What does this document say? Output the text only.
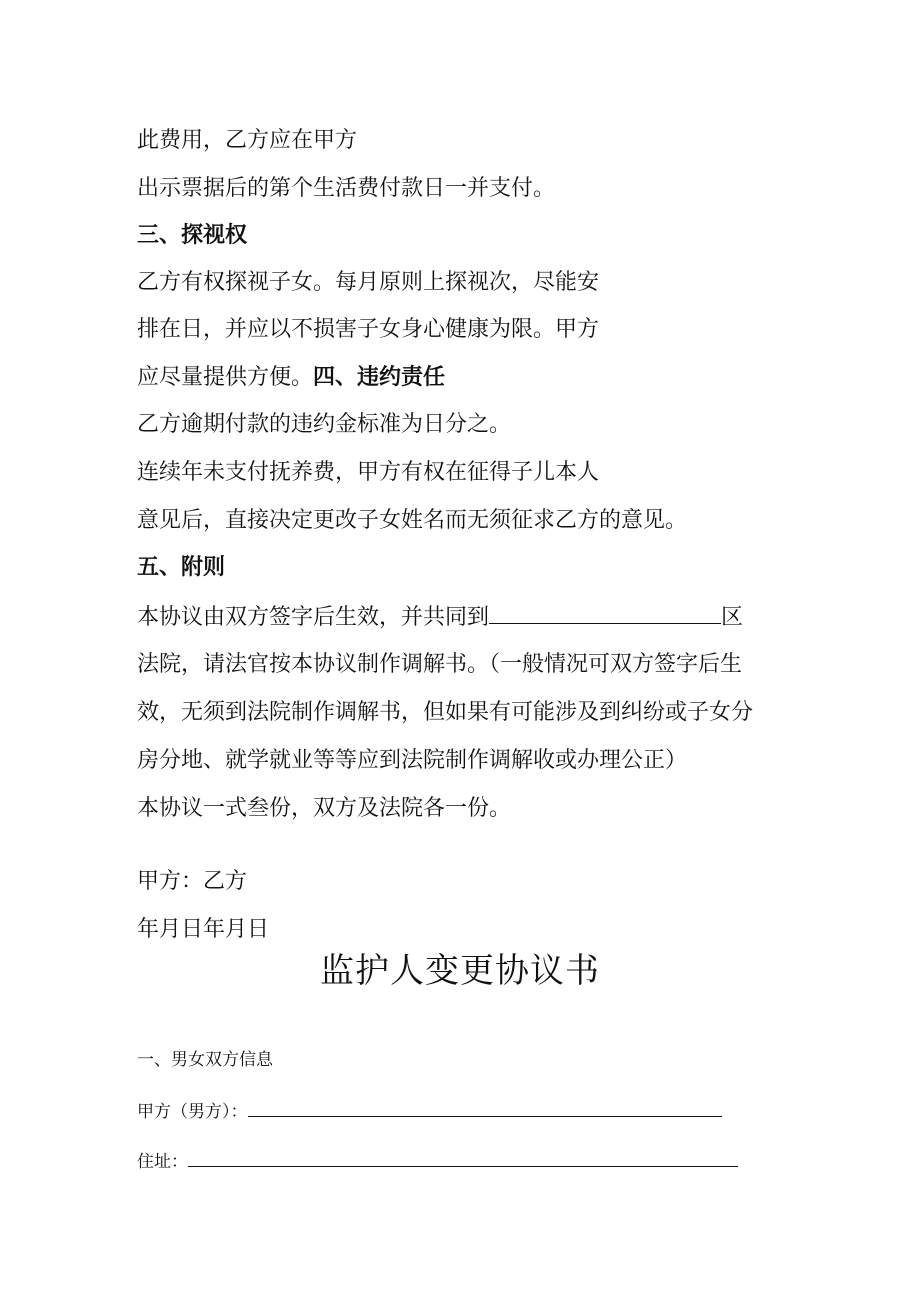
此费用，乙方应在甲方
出示票据后的第个生活费付款日一并支付。
三、探视权
乙方有权探视子女。每月原则上探视次，尽能安
排在日，并应以不损害子女身心健康为限。甲方
应尽量提供方便。四、违约责任
乙方逾期付款的违约金标准为日分之。
连续年未支付抚养费，甲方有权在征得子儿本人
意见后，直接决定更改子女姓名而无须征求乙方的意见。
五、附则
本协议由双方签字后生效，并共同到	区
法院，请法官按本协议制作调解书。（一般情况可双方签字后生
效，无须到法院制作调解书，但如果有可能涉及到纠纷或子女分
房分地、就学就业等等应到法院制作调解收或办理公正）
本协议一式叁份，双方及法院各一份。
甲方：乙方
年月日年月日
监护人变更协议书
一、男女双方信息
甲方（男方）：
住址：
